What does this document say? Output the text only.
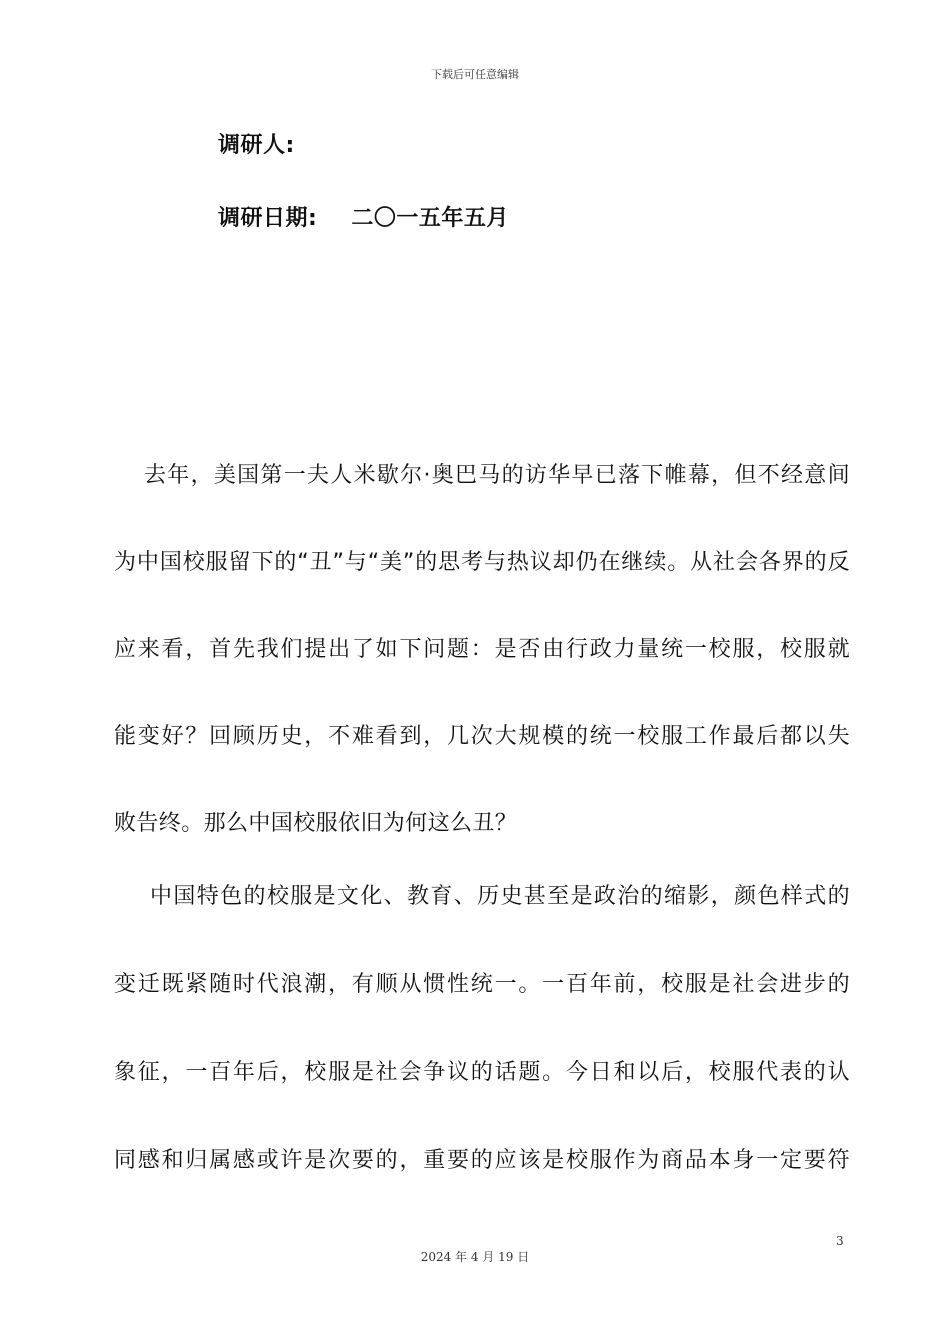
下载后可任意编辑
调研人:
调研日期: 二〇一五年五月
去年，美国第一夫人米歇尔·奥巴马的访华早已落下帷幕，但不经意间
为中国校服留下的“丑”与“美”的思考与热议却仍在继续。从社会各界的反
应来看，首先我们提出了如下问题：是否由行政力量统一校服，校服就
能变好？回顾历史，不难看到，几次大规模的统一校服工作最后都以失
败告终。那么中国校服依旧为何这么丑？
中国特色的校服是文化、教育、历史甚至是政治的缩影，颜色样式的
变迁既紧随时代浪潮，有顺从惯性统一。一百年前，校服是社会进步的
象征，一百年后，校服是社会争议的话题。今日和以后，校服代表的认
同感和归属感或许是次要的，重要的应该是校服作为商品本身一定要符
3
2024 年 4 月 19 日
